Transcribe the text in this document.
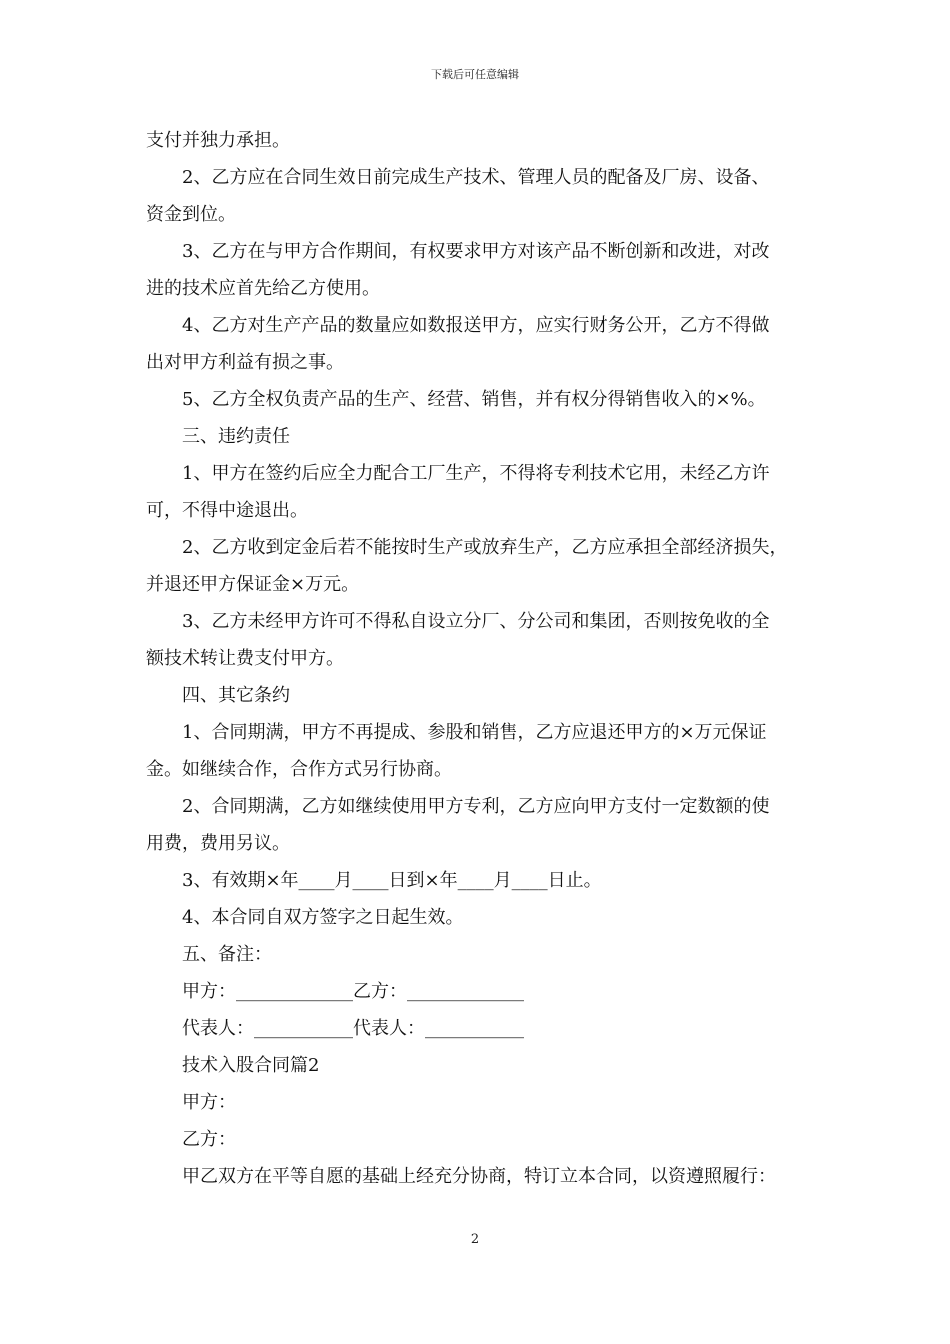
下载后可任意编辑

支付并独力承担。

2、乙方应在合同生效日前完成生产技术、管理人员的配备及厂房、设备、

资金到位。

3、乙方在与甲方合作期间，有权要求甲方对该产品不断创新和改进，对改

进的技术应首先给乙方使用。

4、乙方对生产产品的数量应如数报送甲方，应实行财务公开，乙方不得做

出对甲方利益有损之事。

5、乙方全权负责产品的生产、经营、销售，并有权分得销售收入的×%。

三、违约责任

1、甲方在签约后应全力配合工厂生产，不得将专利技术它用，未经乙方许

可，不得中途退出。

2、乙方收到定金后若不能按时生产或放弃生产，乙方应承担全部经济损失，

并退还甲方保证金×万元。

3、乙方未经甲方许可不得私自设立分厂、分公司和集团，否则按免收的全

额技术转让费支付甲方。

四、其它条约

1、合同期满，甲方不再提成、参股和销售，乙方应退还甲方的×万元保证

金。如继续合作，合作方式另行协商。

2、合同期满，乙方如继续使用甲方专利，乙方应向甲方支付一定数额的使

用费，费用另议。

3、有效期×年____月____日到×年____月____日止。

4、本合同自双方签字之日起生效。

五、备注：

甲方：_____________乙方：_____________

代表人：___________代表人：___________

技术入股合同篇2

甲方：

乙方：

甲乙双方在平等自愿的基础上经充分协商，特订立本合同，以资遵照履行：

2
